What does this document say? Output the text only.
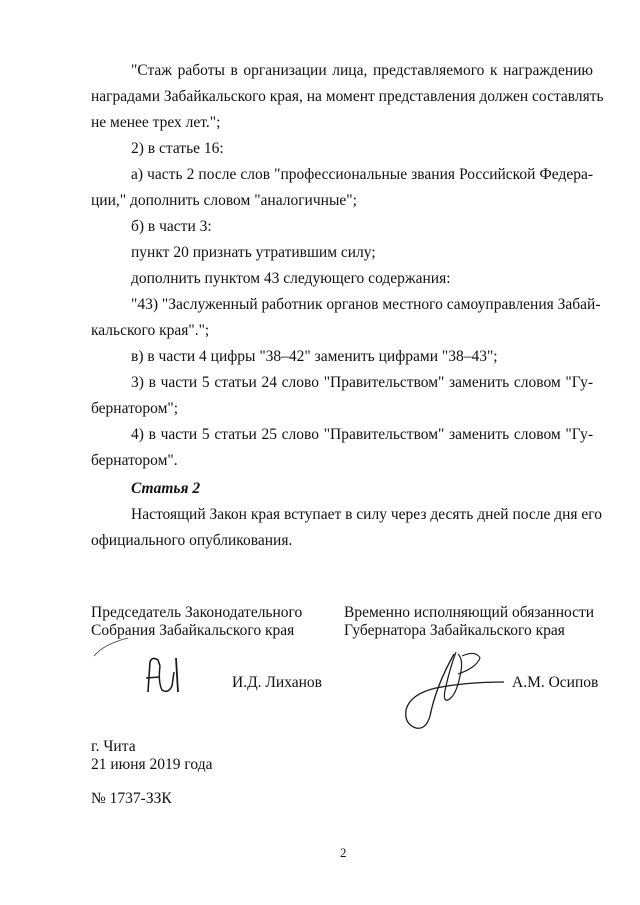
"Стаж работы в организации лица, представляемого к награждению
наградами Забайкальского края, на момент представления должен составлять
не менее трех лет.";
2) в статье 16:
а) часть 2 после слов "профессиональные звания Российской Федера-
ции," дополнить словом "аналогичные";
б) в части 3:
пункт 20 признать утратившим силу;
дополнить пунктом 43 следующего содержания:
"43) "Заслуженный работник органов местного самоуправления Забай-
кальского края".";
в) в части 4 цифры "38–42" заменить цифрами "38–43";
3) в части 5 статьи 24 слово "Правительством" заменить словом "Гу-
бернатором";
4) в части 5 статьи 25 слово "Правительством" заменить словом "Гу-
бернатором".
Статья 2
Настоящий Закон края вступает в силу через десять дней после дня его
официального опубликования.
Председатель Законодательного
Собрания Забайкальского края
Временно исполняющий обязанности
Губернатора Забайкальского края
И.Д. Лиханов	А.М. Осипов
г. Чита
21 июня 2019 года
№ 1737-ЗЗК
2
